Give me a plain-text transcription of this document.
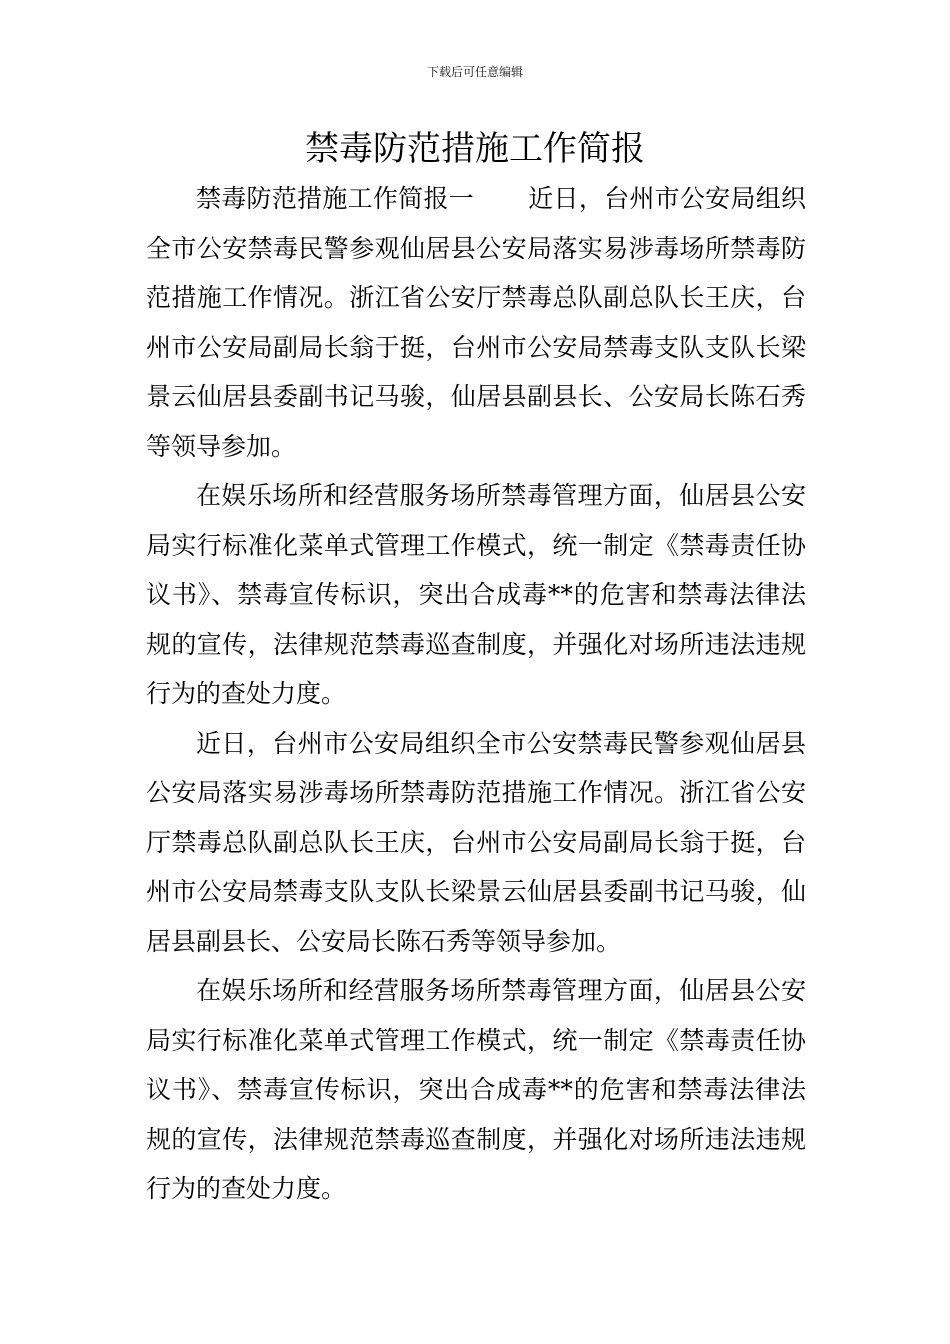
下载后可任意编辑
禁毒防范措施工作简报

禁毒防范措施工作简报一 近日，台州市公安局组织全市公安禁毒民警参观仙居县公安局落实易涉毒场所禁毒防范措施工作情况。浙江省公安厅禁毒总队副总队长王庆，台州市公安局副局长翁于挺，台州市公安局禁毒支队支队长梁景云仙居县委副书记马骏，仙居县副县长、公安局长陈石秀等领导参加。

在娱乐场所和经营服务场所禁毒管理方面，仙居县公安局实行标准化菜单式管理工作模式，统一制定《禁毒责任协议书》、禁毒宣传标识，突出合成毒**的危害和禁毒法律法规的宣传，法律规范禁毒巡查制度，并强化对场所违法违规行为的查处力度。

近日，台州市公安局组织全市公安禁毒民警参观仙居县公安局落实易涉毒场所禁毒防范措施工作情况。浙江省公安厅禁毒总队副总队长王庆，台州市公安局副局长翁于挺，台州市公安局禁毒支队支队长梁景云仙居县委副书记马骏，仙居县副县长、公安局长陈石秀等领导参加。

在娱乐场所和经营服务场所禁毒管理方面，仙居县公安局实行标准化菜单式管理工作模式，统一制定《禁毒责任协议书》、禁毒宣传标识，突出合成毒**的危害和禁毒法律法规的宣传，法律规范禁毒巡查制度，并强化对场所违法违规行为的查处力度。
